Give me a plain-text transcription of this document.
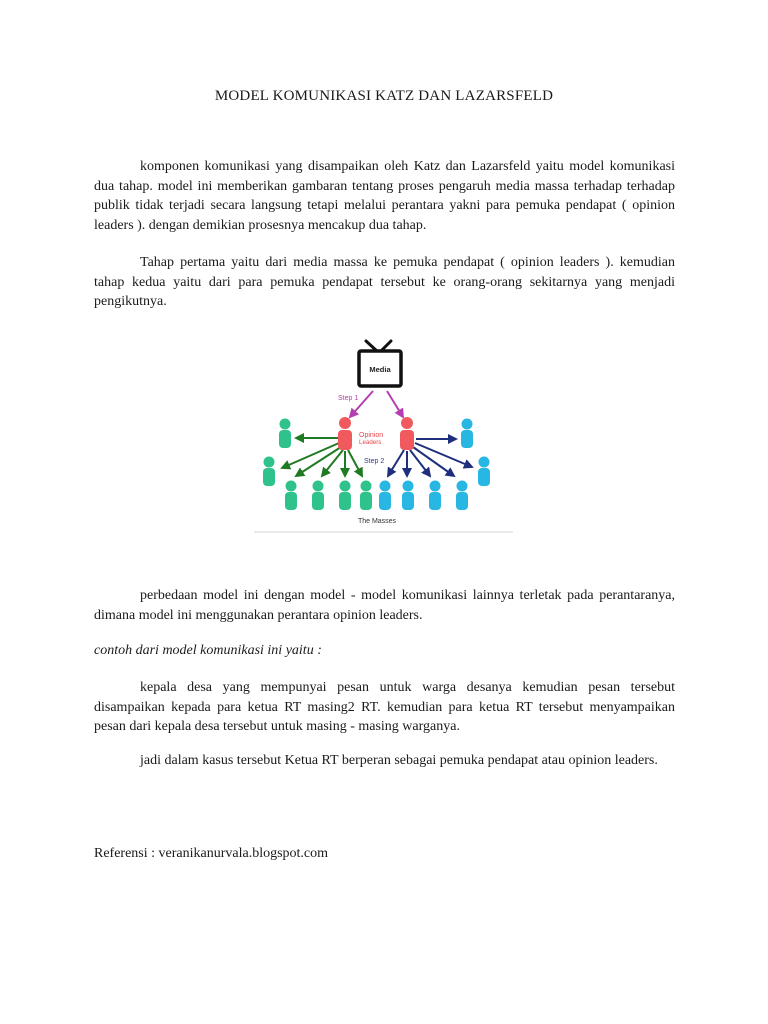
MODEL KOMUNIKASI KATZ DAN LAZARSFELD

komponen komunikasi yang disampaikan oleh Katz dan Lazarsfeld yaitu model komunikasi dua tahap. model ini memberikan gambaran tentang proses pengaruh media massa terhadap terhadap publik tidak terjadi secara langsung tetapi melalui perantara yakni para pemuka pendapat ( opinion leaders ). dengan demikian prosesnya mencakup dua tahap.

Tahap pertama yaitu dari media massa ke pemuka pendapat ( opinion leaders ). kemudian tahap kedua yaitu dari para pemuka pendapat tersebut ke orang-orang sekitarnya yang menjadi pengikutnya.

Media
Step 1
Opinion
Leaders
Step 2
The Masses

perbedaan model ini dengan model - model komunikasi lainnya terletak pada perantaranya, dimana model ini menggunakan perantara opinion leaders.

contoh dari model komunikasi ini yaitu :

kepala desa yang mempunyai pesan untuk warga desanya kemudian pesan tersebut disampaikan kepada para ketua RT masing2 RT. kemudian para ketua RT tersebut menyampaikan pesan dari kepala desa tersebut untuk masing - masing warganya.

jadi dalam kasus tersebut Ketua RT berperan sebagai pemuka pendapat atau opinion leaders.

Referensi : veranikanurvala.blogspot.com
